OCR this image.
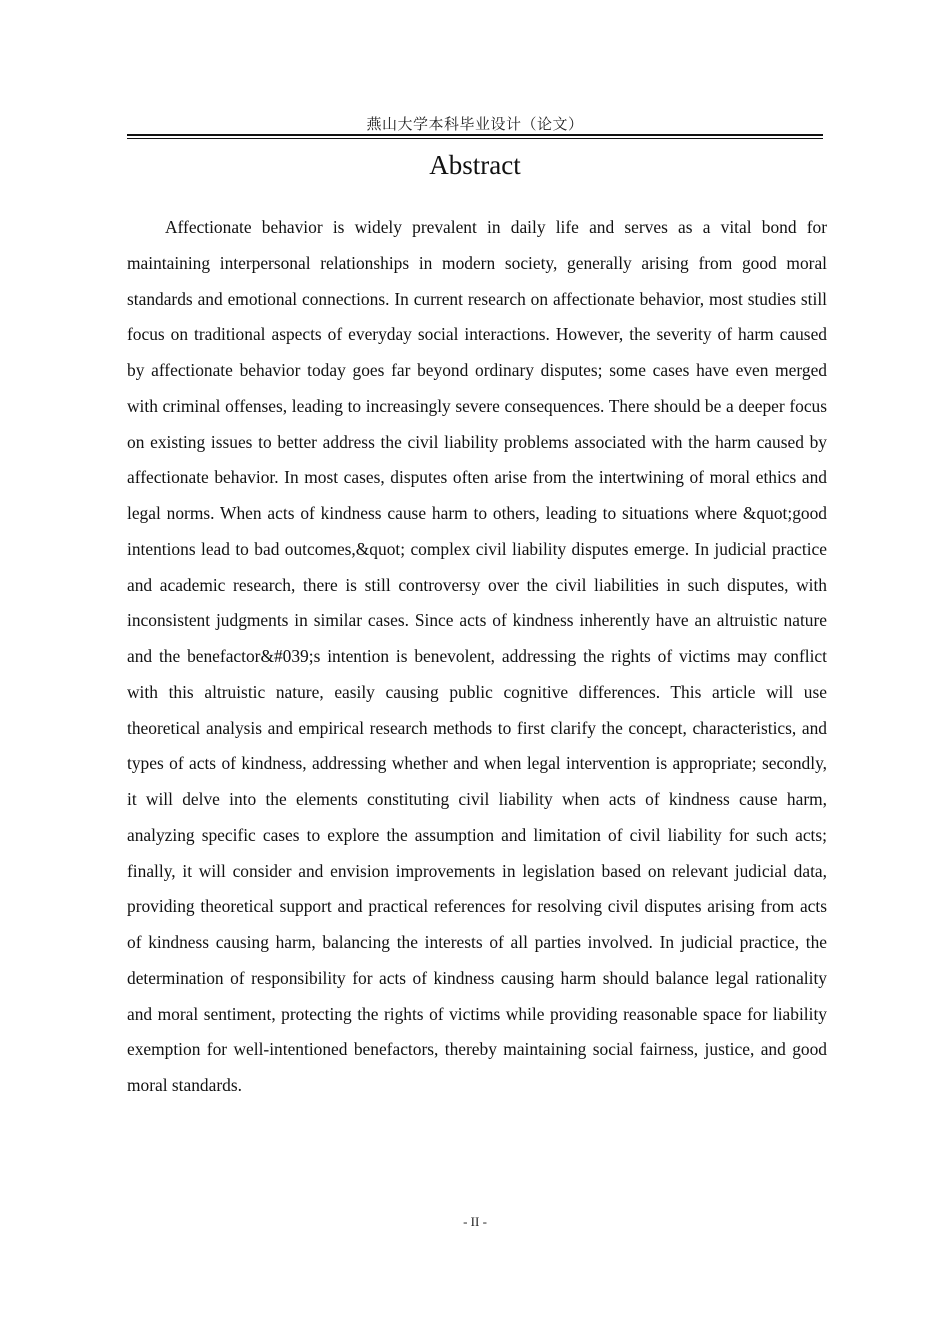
燕山大学本科毕业设计（论文）
Abstract

Affectionate behavior is widely prevalent in daily life and serves as a vital bond for maintaining interpersonal relationships in modern society, generally arising from good moral standards and emotional connections. In current research on affectionate behavior, most studies still focus on traditional aspects of everyday social interactions. However, the severity of harm caused by affectionate behavior today goes far beyond ordinary disputes; some cases have even merged with criminal offenses, leading to increasingly severe consequences. There should be a deeper focus on existing issues to better address the civil liability problems associated with the harm caused by affectionate behavior. In most cases, disputes often arise from the intertwining of moral ethics and legal norms. When acts of kindness cause harm to others, leading to situations where &quot;good intentions lead to bad outcomes,&quot; complex civil liability disputes emerge. In judicial practice and academic research, there is still controversy over the civil liabilities in such disputes, with inconsistent judgments in similar cases. Since acts of kindness inherently have an altruistic nature and the benefactor&#039;s intention is benevolent, addressing the rights of victims may conflict with this altruistic nature, easily causing public cognitive differences. This article will use theoretical analysis and empirical research methods to first clarify the concept, characteristics, and types of acts of kindness, addressing whether and when legal intervention is appropriate; secondly, it will delve into the elements constituting civil liability when acts of kindness cause harm, analyzing specific cases to explore the assumption and limitation of civil liability for such acts; finally, it will consider and envision improvements in legislation based on relevant judicial data, providing theoretical support and practical references for resolving civil disputes arising from acts of kindness causing harm, balancing the interests of all parties involved. In judicial practice, the determination of responsibility for acts of kindness causing harm should balance legal rationality and moral sentiment, protecting the rights of victims while providing reasonable space for liability exemption for well-intentioned benefactors, thereby maintaining social fairness, justice, and good moral standards.

- II -
